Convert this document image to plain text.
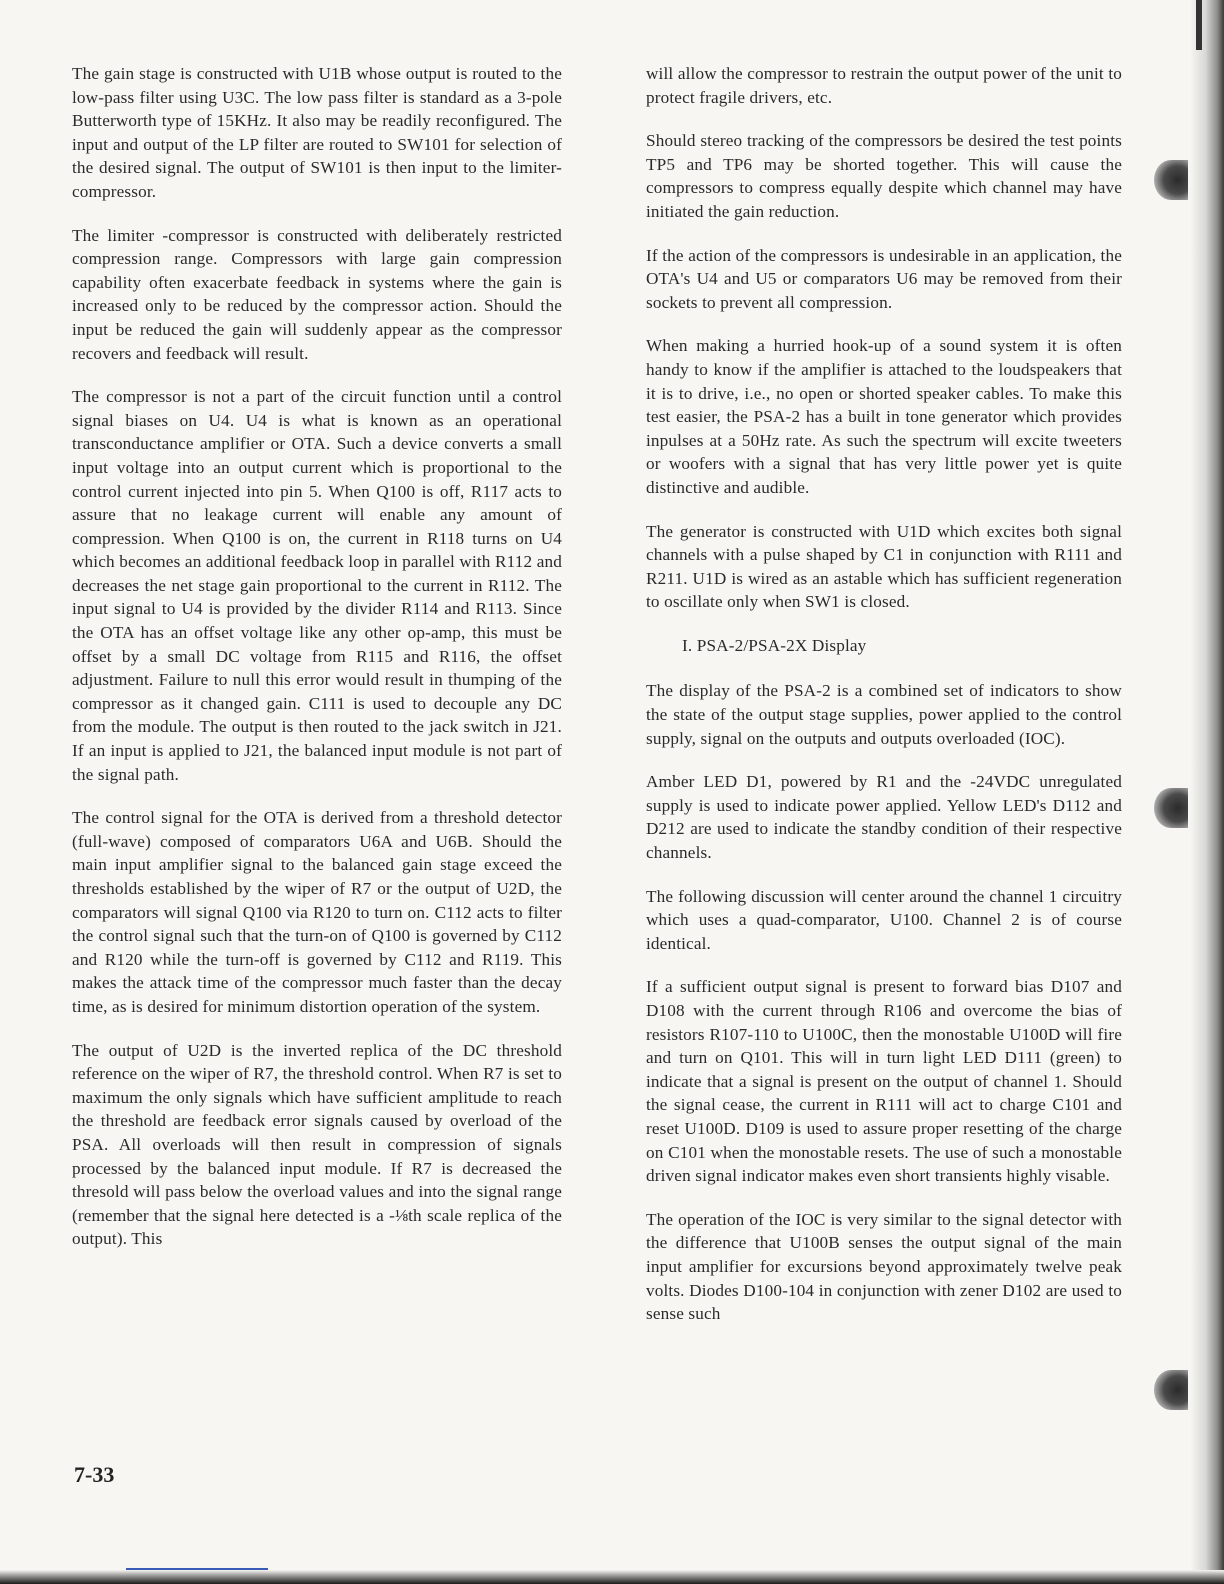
The gain stage is constructed with U1B whose output is routed to the low-pass filter using U3C. The low pass filter is standard as a 3-pole Butterworth type of 15KHz. It also may be readily reconfigured. The input and output of the LP filter are routed to SW101 for selection of the desired signal. The output of SW101 is then input to the limiter-compressor.

The limiter -compressor is constructed with deliberately restricted compression range. Compressors with large gain compression capability often exacerbate feedback in systems where the gain is increased only to be reduced by the compressor action. Should the input be reduced the gain will suddenly appear as the compressor recovers and feedback will result.

The compressor is not a part of the circuit function until a control signal biases on U4. U4 is what is known as an operational transconductance amplifier or OTA. Such a device converts a small input voltage into an output current which is proportional to the control current injected into pin 5. When Q100 is off, R117 acts to assure that no leakage current will enable any amount of compression. When Q100 is on, the current in R118 turns on U4 which becomes an additional feedback loop in parallel with R112 and decreases the net stage gain proportional to the current in R112. The input signal to U4 is provided by the divider R114 and R113. Since the OTA has an offset voltage like any other op-amp, this must be offset by a small DC voltage from R115 and R116, the offset adjustment. Failure to null this error would result in thumping of the compressor as it changed gain. C111 is used to decouple any DC from the module. The output is then routed to the jack switch in J21. If an input is applied to J21, the balanced input module is not part of the signal path.

The control signal for the OTA is derived from a threshold detector (full-wave) composed of comparators U6A and U6B. Should the main input amplifier signal to the balanced gain stage exceed the thresholds established by the wiper of R7 or the output of U2D, the comparators will signal Q100 via R120 to turn on. C112 acts to filter the control signal such that the turn-on of Q100 is governed by C112 and R120 while the turn-off is governed by C112 and R119. This makes the attack time of the compressor much faster than the decay time, as is desired for minimum distortion operation of the system.

The output of U2D is the inverted replica of the DC threshold reference on the wiper of R7, the threshold control. When R7 is set to maximum the only signals which have sufficient amplitude to reach the threshold are feedback error signals caused by overload of the PSA. All overloads will then result in compression of signals processed by the balanced input module. If R7 is decreased the thresold will pass below the overload values and into the signal range (remember that the signal here detected is a -⅛th scale replica of the output). This

will allow the compressor to restrain the output power of the unit to protect fragile drivers, etc.

Should stereo tracking of the compressors be desired the test points TP5 and TP6 may be shorted together. This will cause the compressors to compress equally despite which channel may have initiated the gain reduction.

If the action of the compressors is undesirable in an application, the OTA's U4 and U5 or comparators U6 may be removed from their sockets to prevent all compression.

When making a hurried hook-up of a sound system it is often handy to know if the amplifier is attached to the loudspeakers that it is to drive, i.e., no open or shorted speaker cables. To make this test easier, the PSA-2 has a built in tone generator which provides inpulses at a 50Hz rate. As such the spectrum will excite tweeters or woofers with a signal that has very little power yet is quite distinctive and audible.

The generator is constructed with U1D which excites both signal channels with a pulse shaped by C1 in conjunction with R111 and R211. U1D is wired as an astable which has sufficient regeneration to oscillate only when SW1 is closed.

I. PSA-2/PSA-2X Display

The display of the PSA-2 is a combined set of indicators to show the state of the output stage supplies, power applied to the control supply, signal on the outputs and outputs overloaded (IOC).

Amber LED D1, powered by R1 and the -24VDC unregulated supply is used to indicate power applied. Yellow LED's D112 and D212 are used to indicate the standby condition of their respective channels.

The following discussion will center around the channel 1 circuitry which uses a quad-comparator, U100. Channel 2 is of course identical.

If a sufficient output signal is present to forward bias D107 and D108 with the current through R106 and overcome the bias of resistors R107-110 to U100C, then the monostable U100D will fire and turn on Q101. This will in turn light LED D111 (green) to indicate that a signal is present on the output of channel 1. Should the signal cease, the current in R111 will act to charge C101 and reset U100D. D109 is used to assure proper resetting of the charge on C101 when the monostable resets. The use of such a monostable driven signal indicator makes even short transients highly visable.

The operation of the IOC is very similar to the signal detector with the difference that U100B senses the output signal of the main input amplifier for excursions beyond approximately twelve peak volts. Diodes D100-104 in conjunction with zener D102 are used to sense such

7-33
